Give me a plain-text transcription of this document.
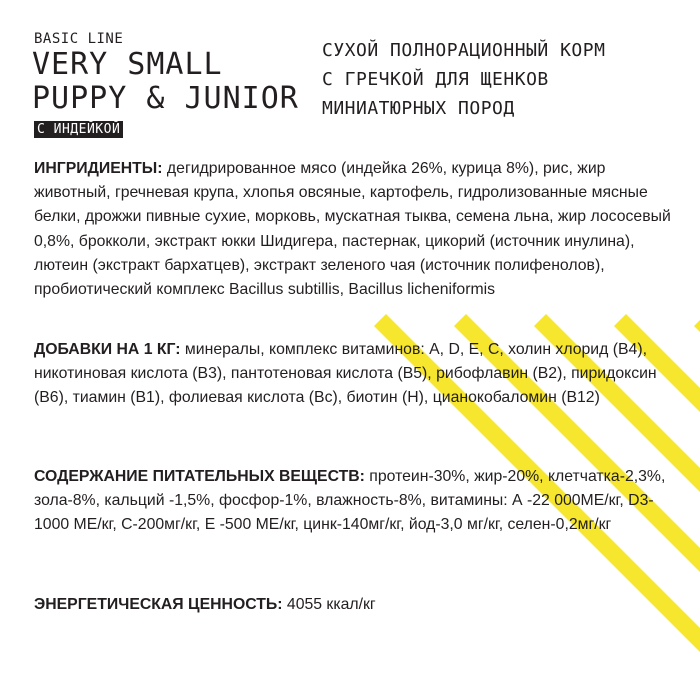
BASIC LINE
VERY SMALL
PUPPY & JUNIOR
С ИНДЕЙКОЙ
СУХОЙ ПОЛНОРАЦИОННЫЙ КОРМ
С ГРЕЧКОЙ ДЛЯ ЩЕНКОВ
МИНИАТЮРНЫХ ПОРОД
ИНГРИДИЕНТЫ: дегидрированное мясо (индейка 26%, курица 8%), рис, жир животный, гречневая крупа, хлопья овсяные, картофель, гидролизованные мясные белки, дрожжи пивные сухие, морковь, мускатная тыква, семена льна, жир лососевый 0,8%, брокколи, экстракт юкки Шидигера, пастернак, цикорий (источник инулина), лютеин (экстракт бархатцев), экстракт зеленого чая (источник полифенолов), пробиотический комплекс Bacillus subtillis, Bacillus licheniformis
ДОБАВКИ НА 1 КГ: минералы, комплекс витаминов: A, D, E, C, холин хлорид (В4), никотиновая кислота (В3), пантотеновая кислота (В5), рибофлавин (В2), пиридоксин (В6), тиамин (В1), фолиевая кислота (Вс), биотин (Н), цианокобаломин (В12)
СОДЕРЖАНИЕ ПИТАТЕЛЬНЫХ ВЕЩЕСТВ: протеин-30%, жир-20%, клетчатка-2,3%, зола-8%, кальций -1,5%, фосфор-1%, влажность-8%, витамины: А -22 000МЕ/кг, D3-1000 МЕ/кг, С-200мг/кг, Е -500 МЕ/кг, цинк-140мг/кг, йод-3,0 мг/кг, селен-0,2мг/кг
ЭНЕРГЕТИЧЕСКАЯ ЦЕННОСТЬ: 4055 ккал/кг
